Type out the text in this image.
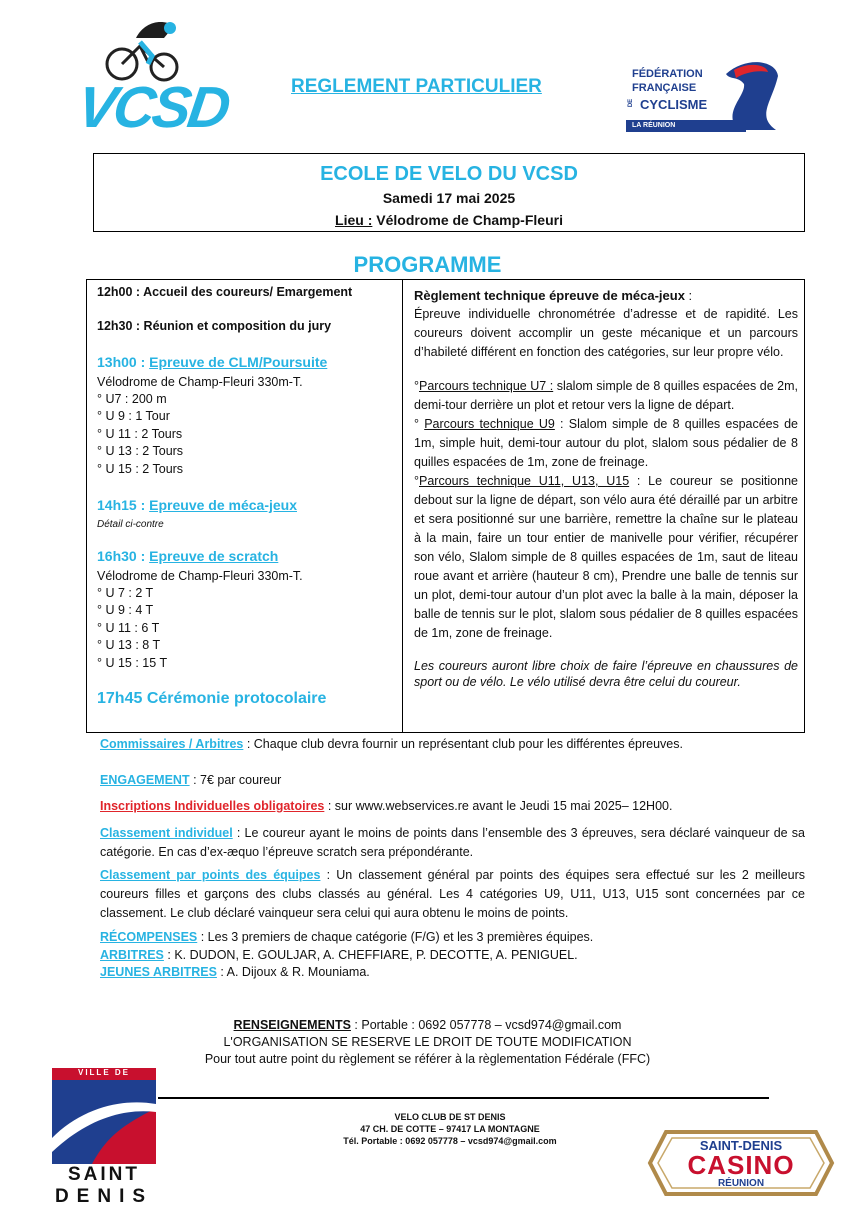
VCSD	REGLEMENT PARTICULIER
FÉDÉRATION
FRANÇAISE
DE CYCLISME
LA RÉUNION
ECOLE DE VELO DU VCSD
Samedi 17 mai 2025
Lieu : Vélodrome de Champ-Fleuri
PROGRAMME
12h00 : Accueil des coureurs/ Emargement
12h30 : Réunion et composition du jury
13h00 : Epreuve de CLM/Poursuite
Vélodrome de Champ-Fleuri 330m-T.
° U7 : 200 m
° U 9 : 1 Tour
° U 11 : 2 Tours
° U 13 : 2 Tours
° U 15 : 2 Tours
14h15 : Epreuve de méca-jeux
Détail ci-contre
16h30 : Epreuve de scratch
Vélodrome de Champ-Fleuri 330m-T.
° U 7 : 2 T
° U 9 : 4 T
° U 11 : 6 T
° U 13 : 8 T
° U 15 : 15 T
17h45 Cérémonie protocolaire

Règlement technique épreuve de méca-jeux :

Épreuve individuelle chronométrée d’adresse et de rapidité. Les coureurs doivent accomplir un geste mécanique et un parcours d’habileté différent en fonction des catégories, sur leur propre vélo.

°Parcours technique U7 : slalom simple de 8 quilles espacées de 2m, demi-tour derrière un plot et retour vers la ligne de départ.

° Parcours technique U9 : Slalom simple de 8 quilles espacées de 1m, simple huit, demi-tour autour du plot, slalom sous pédalier de 8 quilles espacées de 1m, zone de freinage.

°Parcours technique U11, U13, U15 : Le coureur se positionne debout sur la ligne de départ, son vélo aura été déraillé par un arbitre et sera positionné sur une barrière, remettre la chaîne sur le plateau à la main, faire un tour entier de manivelle pour vérifier, récupérer son vélo, Slalom simple de 8 quilles espacées de 1m, saut de liteau roue avant et arrière (hauteur 8 cm), Prendre une balle de tennis sur un plot, demi-tour autour d’un plot avec la balle à la main, déposer la balle de tennis sur le plot, slalom sous pédalier de 8 quilles espacées de 1m, zone de freinage.

Les coureurs auront libre choix de faire l’épreuve en chaussures de sport ou de vélo. Le vélo utilisé devra être celui du coureur.

Commissaires / Arbitres : Chaque club devra fournir un représentant club pour les différentes épreuves.

ENGAGEMENT : 7€ par coureur

Inscriptions Individuelles obligatoires : sur www.webservices.re avant le Jeudi 15 mai 2025– 12H00.

Classement individuel : Le coureur ayant le moins de points dans l’ensemble des 3 épreuves, sera déclaré vainqueur de sa catégorie. En cas d’ex-æquo l’épreuve scratch sera prépondérante.

Classement par points des équipes : Un classement général par points des équipes sera effectué sur les 2 meilleurs coureurs filles et garçons des clubs classés au général. Les 4 catégories U9, U11, U13, U15 sont concernées par ce classement. Le club déclaré vainqueur sera celui qui aura obtenu le moins de points.

RÉCOMPENSES : Les 3 premiers de chaque catégorie (F/G) et les 3 premières équipes.

ARBITRES : K. DUDON, E. GOULJAR, A. CHEFFIARE, P. DECOTTE, A. PENIGUEL.

JEUNES ARBITRES : A. Dijoux & R. Mouniama.

RENSEIGNEMENTS : Portable : 0692 057778 – vcsd974@gmail.com
L'ORGANISATION SE RESERVE LE DROIT DE TOUTE MODIFICATION
Pour tout autre point du règlement se référer à la règlementation Fédérale (FFC)
VILLE DE
SAINT
DENIS
VELO CLUB DE ST DENIS
47 CH. DE COTTE – 97417 LA MONTAGNE
Tél. Portable : 0692 057778 – vcsd974@gmail.com	SAINT-DENIS
CASINO
RÉUNION
